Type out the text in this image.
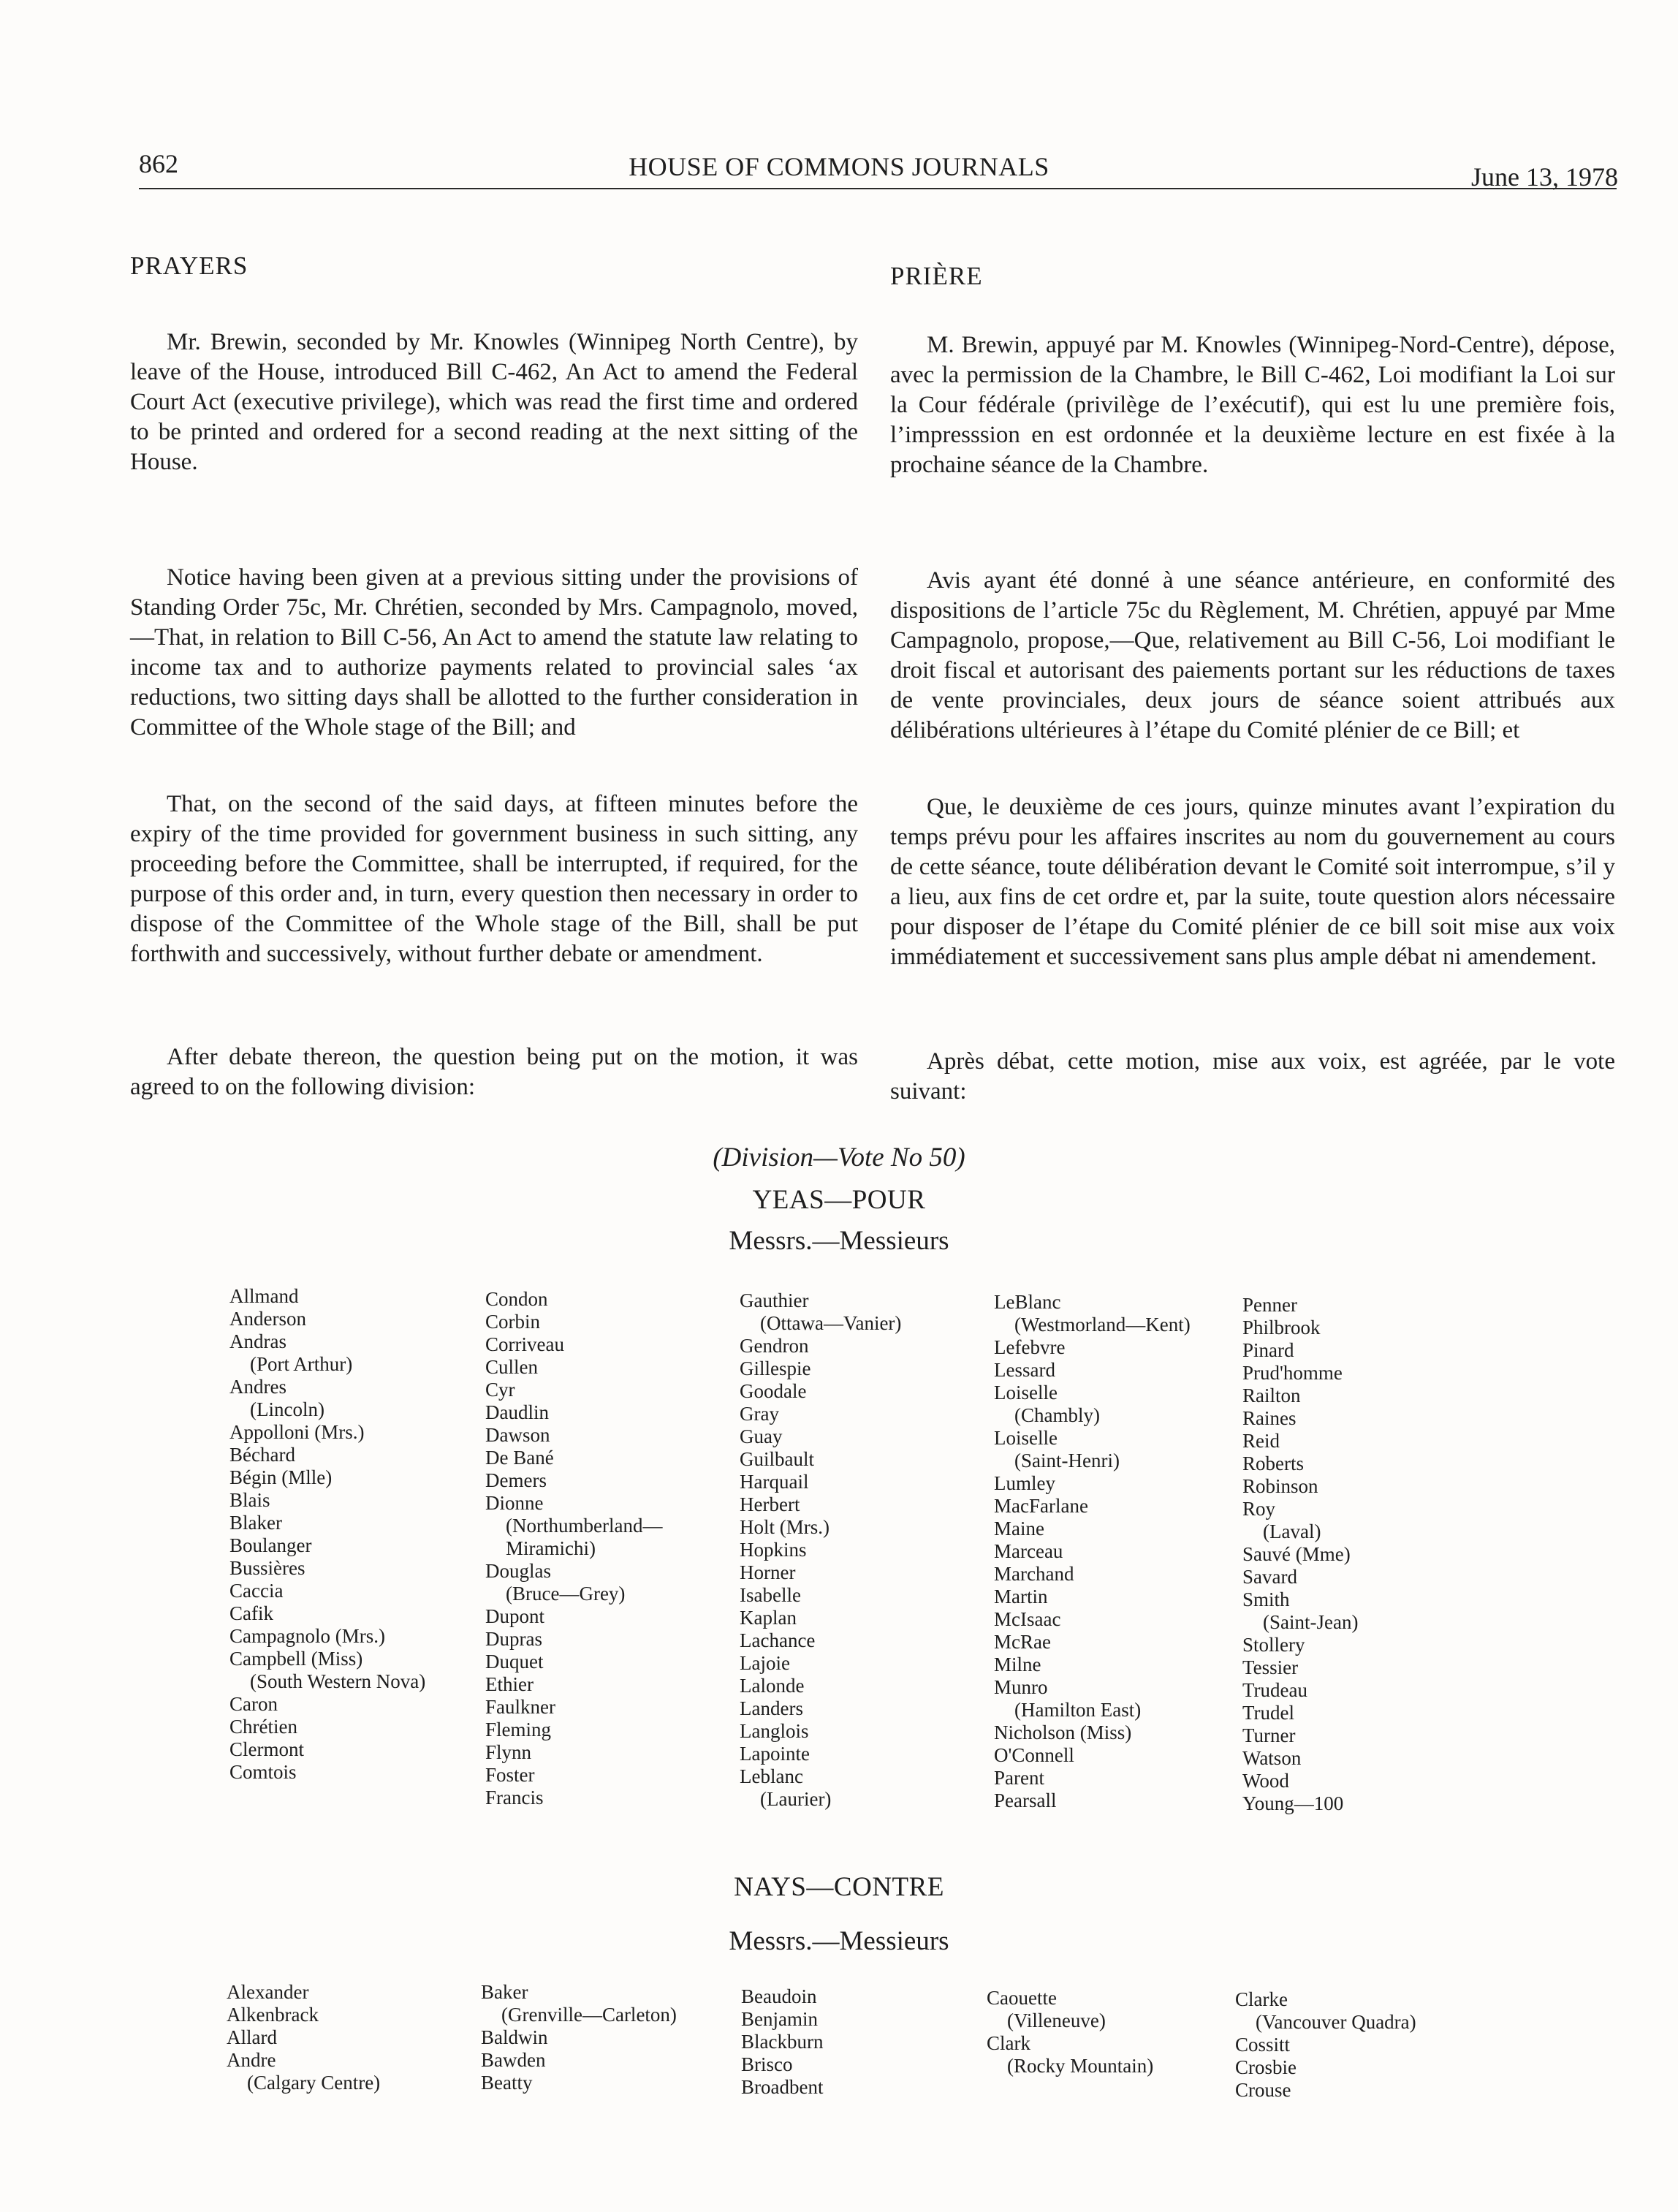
862	HOUSE OF COMMONS JOURNALS	June 13, 1978
PRAYERS
Mr. Brewin, seconded by Mr. Knowles (Winnipeg North Centre), by leave of the House, introduced Bill C-462, An Act to amend the Federal Court Act (executive privilege), which was read the first time and ordered to be printed and ordered for a second reading at the next sitting of the House.
Notice having been given at a previous sitting under the provisions of Standing Order 75c, Mr. Chrétien, seconded by Mrs. Campagnolo, moved,—That, in relation to Bill C-56, An Act to amend the statute law relating to income tax and to authorize payments related to provincial sales ‘ax reductions, two sitting days shall be allotted to the further consideration in Committee of the Whole stage of the Bill; and
That, on the second of the said days, at fifteen minutes before the expiry of the time provided for government business in such sitting, any proceeding before the Committee, shall be interrupted, if required, for the purpose of this order and, in turn, every question then necessary in order to dispose of the Committee of the Whole stage of the Bill, shall be put forthwith and successively, without further debate or amendment.
After debate thereon, the question being put on the motion, it was agreed to on the following division:
PRIÈRE
M. Brewin, appuyé par M. Knowles (Winnipeg-Nord-Centre), dépose, avec la permission de la Chambre, le Bill C-462, Loi modifiant la Loi sur la Cour fédérale (privilège de l’exécutif), qui est lu une première fois, l’impresssion en est ordonnée et la deuxième lecture en est fixée à la prochaine séance de la Chambre.
Avis ayant été donné à une séance antérieure, en conformité des dispositions de l’article 75c du Règlement, M. Chrétien, appuyé par Mme Campagnolo, propose,—Que, relativement au Bill C-56, Loi modifiant le droit fiscal et autorisant des paiements portant sur les réductions de taxes de vente provinciales, deux jours de séance soient attribués aux délibérations ultérieures à l’étape du Comité plénier de ce Bill; et
Que, le deuxième de ces jours, quinze minutes avant l’expiration du temps prévu pour les affaires inscrites au nom du gouvernement au cours de cette séance, toute délibération devant le Comité soit interrompue, s’il y a lieu, aux fins de cet ordre et, par la suite, toute question alors nécessaire pour disposer de l’étape du Comité plénier de ce bill soit mise aux voix immédiatement et successivement sans plus ample débat ni amendement.
Après débat, cette motion, mise aux voix, est agréée, par le vote suivant:
(Division—Vote No 50)
YEAS—POUR
Messrs.—Messieurs
Allmand
Anderson
Andras
(Port Arthur)
Andres
(Lincoln)
Appolloni (Mrs.)
Béchard
Bégin (Mlle)
Blais
Blaker
Boulanger
Bussières
Caccia
Cafik
Campagnolo (Mrs.)
Campbell (Miss)
(South Western Nova)
Caron
Chrétien
Clermont
Comtois
Condon
Corbin
Corriveau
Cullen
Cyr
Daudlin
Dawson
De Bané
Demers
Dionne
(Northumberland—
Miramichi)
Douglas
(Bruce—Grey)
Dupont
Dupras
Duquet
Ethier
Faulkner
Fleming
Flynn
Foster
Francis
Gauthier
(Ottawa—Vanier)
Gendron
Gillespie
Goodale
Gray
Guay
Guilbault
Harquail
Herbert
Holt (Mrs.)
Hopkins
Horner
Isabelle
Kaplan
Lachance
Lajoie
Lalonde
Landers
Langlois
Lapointe
Leblanc
(Laurier)
LeBlanc
(Westmorland—Kent)
Lefebvre
Lessard
Loiselle
(Chambly)
Loiselle
(Saint-Henri)
Lumley
MacFarlane
Maine
Marceau
Marchand
Martin
McIsaac
McRae
Milne
Munro
(Hamilton East)
Nicholson (Miss)
O'Connell
Parent
Pearsall
Penner
Philbrook
Pinard
Prud'homme
Railton
Raines
Reid
Roberts
Robinson
Roy
(Laval)
Sauvé (Mme)
Savard
Smith
(Saint-Jean)
Stollery
Tessier
Trudeau
Trudel
Turner
Watson
Wood
Young—100
NAYS—CONTRE
Messrs.—Messieurs
Alexander
Alkenbrack
Allard
Andre
(Calgary Centre)
Baker
(Grenville—Carleton)
Baldwin
Bawden
Beatty
Beaudoin
Benjamin
Blackburn
Brisco
Broadbent
Caouette
(Villeneuve)
Clark
(Rocky Mountain)
Clarke
(Vancouver Quadra)
Cossitt
Crosbie
Crouse
